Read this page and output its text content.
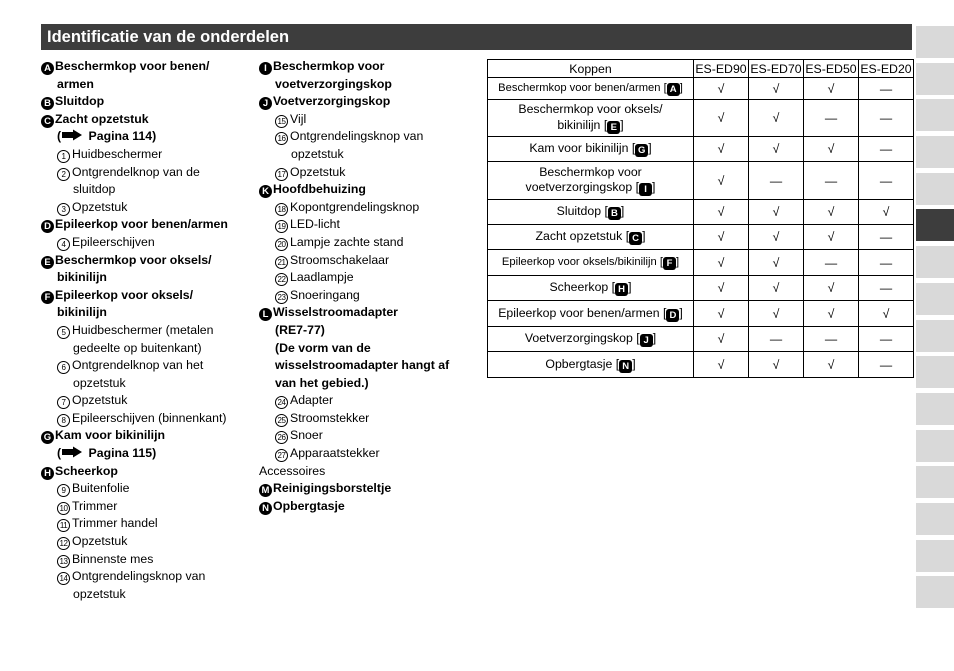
Identificatie van de onderdelen
A Beschermkop voor benen/
armen
B Sluitdop
C Zacht opzetstuk
( Pagina 114)
1 Huidbeschermer
2 Ontgrendelknop van de
sluitdop
3 Opzetstuk
D Epileerkop voor benen/armen
4 Epileerschijven
E Beschermkop voor oksels/
bikinilijn
F Epileerkop voor oksels/
bikinilijn
5 Huidbeschermer (metalen
gedeelte op buitenkant)
6 Ontgrendelknop van het
opzetstuk
7 Opzetstuk
8 Epileerschijven (binnenkant)
G Kam voor bikinilijn
( Pagina 115)
H Scheerkop
9 Buitenfolie
10 Trimmer
11 Trimmer handel
12 Opzetstuk
13 Binnenste mes
14 Ontgrendelingsknop van
opzetstuk
I Beschermkop voor
voetverzorgingskop
J Voetverzorgingskop
15 Vijl
16 Ontgrendelingsknop van
opzetstuk
17 Opzetstuk
K Hoofdbehuizing
18 Kopontgrendelingsknop
19 LED-licht
20 Lampje zachte stand
21 Stroomschakelaar
22 Laadlampje
23 Snoeringang
L Wisselstroomadapter
(RE7-77)
(De vorm van de
wisselstroomadapter hangt af
van het gebied.)
24 Adapter
25 Stroomstekker
26 Snoer
27 Apparaatstekker
Accessoires
M Reinigingsborsteltje
N Opbergtasje
Koppen	ES-ED90	ES-ED70	ES-ED50	ES-ED20
Beschermkop voor benen/armen [ A ]	√	√	√	—
Beschermkop voor oksels/
bikinilijn [ E ]	√	√	—	—
Kam voor bikinilijn [ G ]	√	√	√	—
Beschermkop voor
voetverzorgingskop [ I ]	√	—	—	—
Sluitdop [ B ]	√	√	√	√
Zacht opzetstuk [ C ]	√	√	√	—
Epileerkop voor oksels/bikinilijn [ F ]	√	√	—	—
Scheerkop [ H ]	√	√	√	—
Epileerkop voor benen/armen [ D ]	√	√	√	√
Voetverzorgingskop [ J ]	√	—	—	—
Opbergtasje [ N ]	√	√	√	—
